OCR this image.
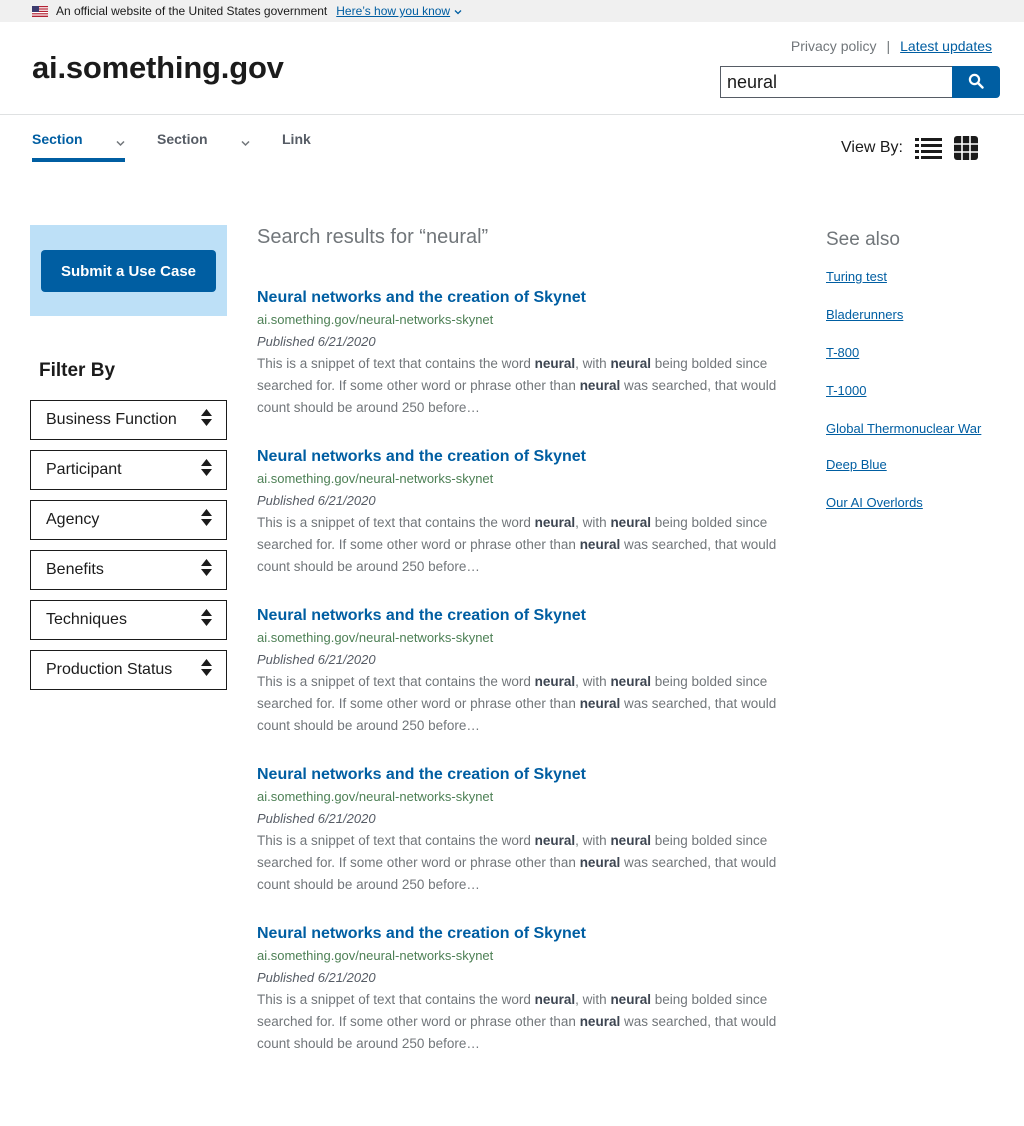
An official website of the United States government Here’s how you know
ai.something.gov
Privacy policy | Latest updates
neural
Section	Section	Link	View By:
Submit a Use Case
Filter By
Business Function
Participant
Agency
Benefits
Techniques
Production Status
Search results for “neural”
Neural networks and the creation of Skynet
ai.something.gov/neural-networks-skynet
Published 6/21/2020
This is a snippet of text that contains the word neural, with neural being bolded since
searched for. If some other word or phrase other than neural was searched, that would
count should be around 250 before…
Neural networks and the creation of Skynet
ai.something.gov/neural-networks-skynet
Published 6/21/2020
This is a snippet of text that contains the word neural, with neural being bolded since
searched for. If some other word or phrase other than neural was searched, that would
count should be around 250 before…
Neural networks and the creation of Skynet
ai.something.gov/neural-networks-skynet
Published 6/21/2020
This is a snippet of text that contains the word neural, with neural being bolded since
searched for. If some other word or phrase other than neural was searched, that would
count should be around 250 before…
Neural networks and the creation of Skynet
ai.something.gov/neural-networks-skynet
Published 6/21/2020
This is a snippet of text that contains the word neural, with neural being bolded since
searched for. If some other word or phrase other than neural was searched, that would
count should be around 250 before…
Neural networks and the creation of Skynet
ai.something.gov/neural-networks-skynet
Published 6/21/2020
This is a snippet of text that contains the word neural, with neural being bolded since
searched for. If some other word or phrase other than neural was searched, that would
count should be around 250 before…
See also
Turing test
Bladerunners
T-800
T-1000
Global Thermonuclear War
Deep Blue
Our AI Overlords
